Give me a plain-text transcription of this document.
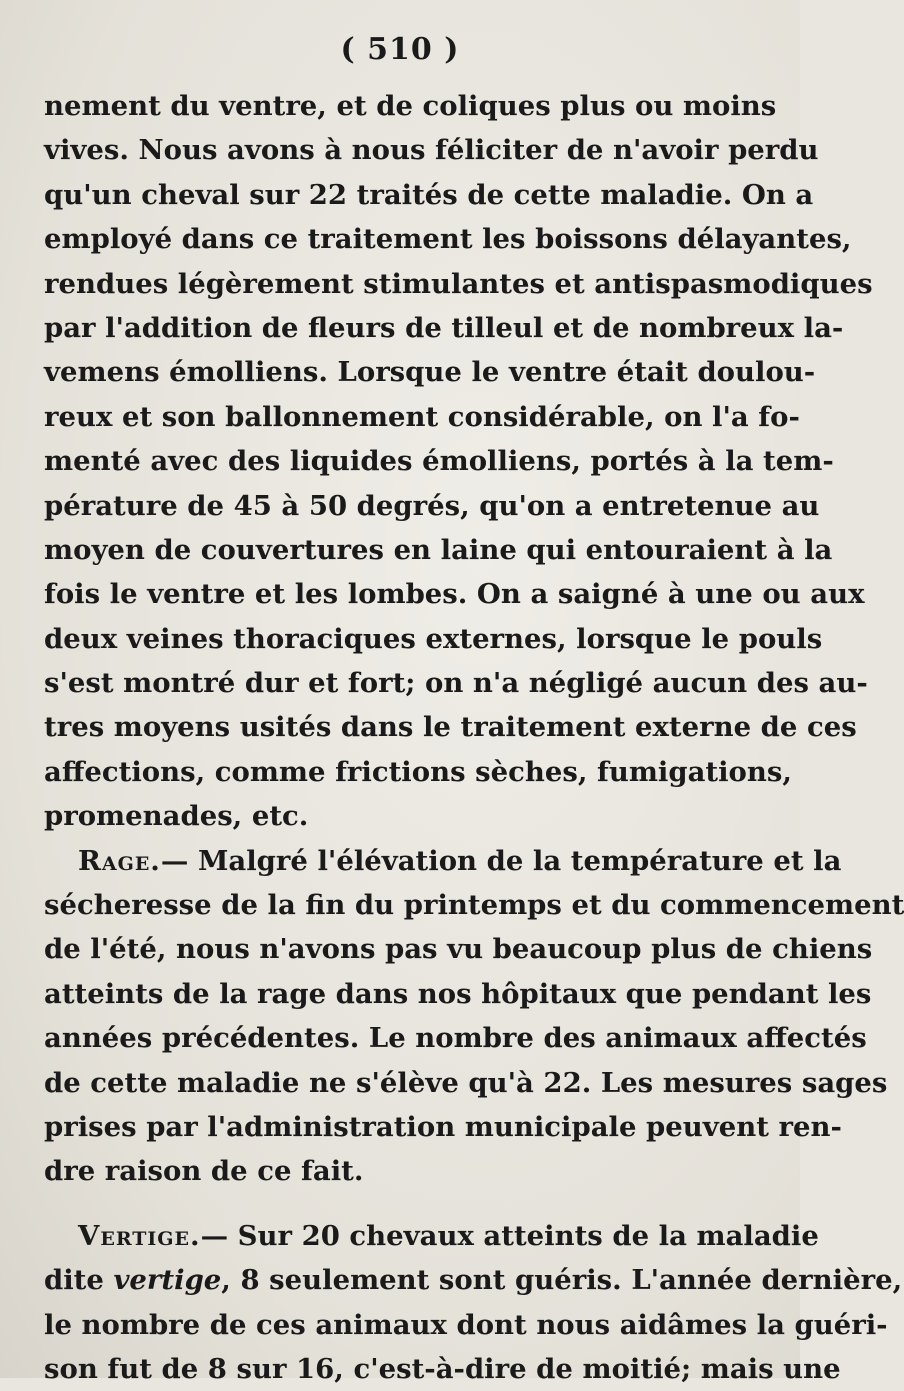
( 510 )
nement du ventre, et de coliques plus ou moins
vives. Nous avons à nous féliciter de n'avoir perdu
qu'un cheval sur 22 traités de cette maladie. On a
employé dans ce traitement les boissons délayantes,
rendues légèrement stimulantes et antispasmodiques
par l'addition de fleurs de tilleul et de nombreux la-
vemens émolliens. Lorsque le ventre était doulou-
reux et son ballonnement considérable, on l'a fo-
menté avec des liquides émolliens, portés à la tem-
pérature de 45 à 50 degrés, qu'on a entretenue au
moyen de couvertures en laine qui entouraient à la
fois le ventre et les lombes. On a saigné à une ou aux
deux veines thoraciques externes, lorsque le pouls
s'est montré dur et fort; on n'a négligé aucun des au-
tres moyens usités dans le traitement externe de ces
affections, comme frictions sèches, fumigations,
promenades, etc.
Rage.— Malgré l'élévation de la température et la
sécheresse de la fin du printemps et du commencement
de l'été, nous n'avons pas vu beaucoup plus de chiens
atteints de la rage dans nos hôpitaux que pendant les
années précédentes. Le nombre des animaux affectés
de cette maladie ne s'élève qu'à 22. Les mesures sages
prises par l'administration municipale peuvent ren-
dre raison de ce fait.
Vertige.— Sur 20 chevaux atteints de la maladie
dite vertige, 8 seulement sont guéris. L'année dernière,
le nombre de ces animaux dont nous aidâmes la guéri-
son fut de 8 sur 16, c'est-à-dire de moitié; mais une
